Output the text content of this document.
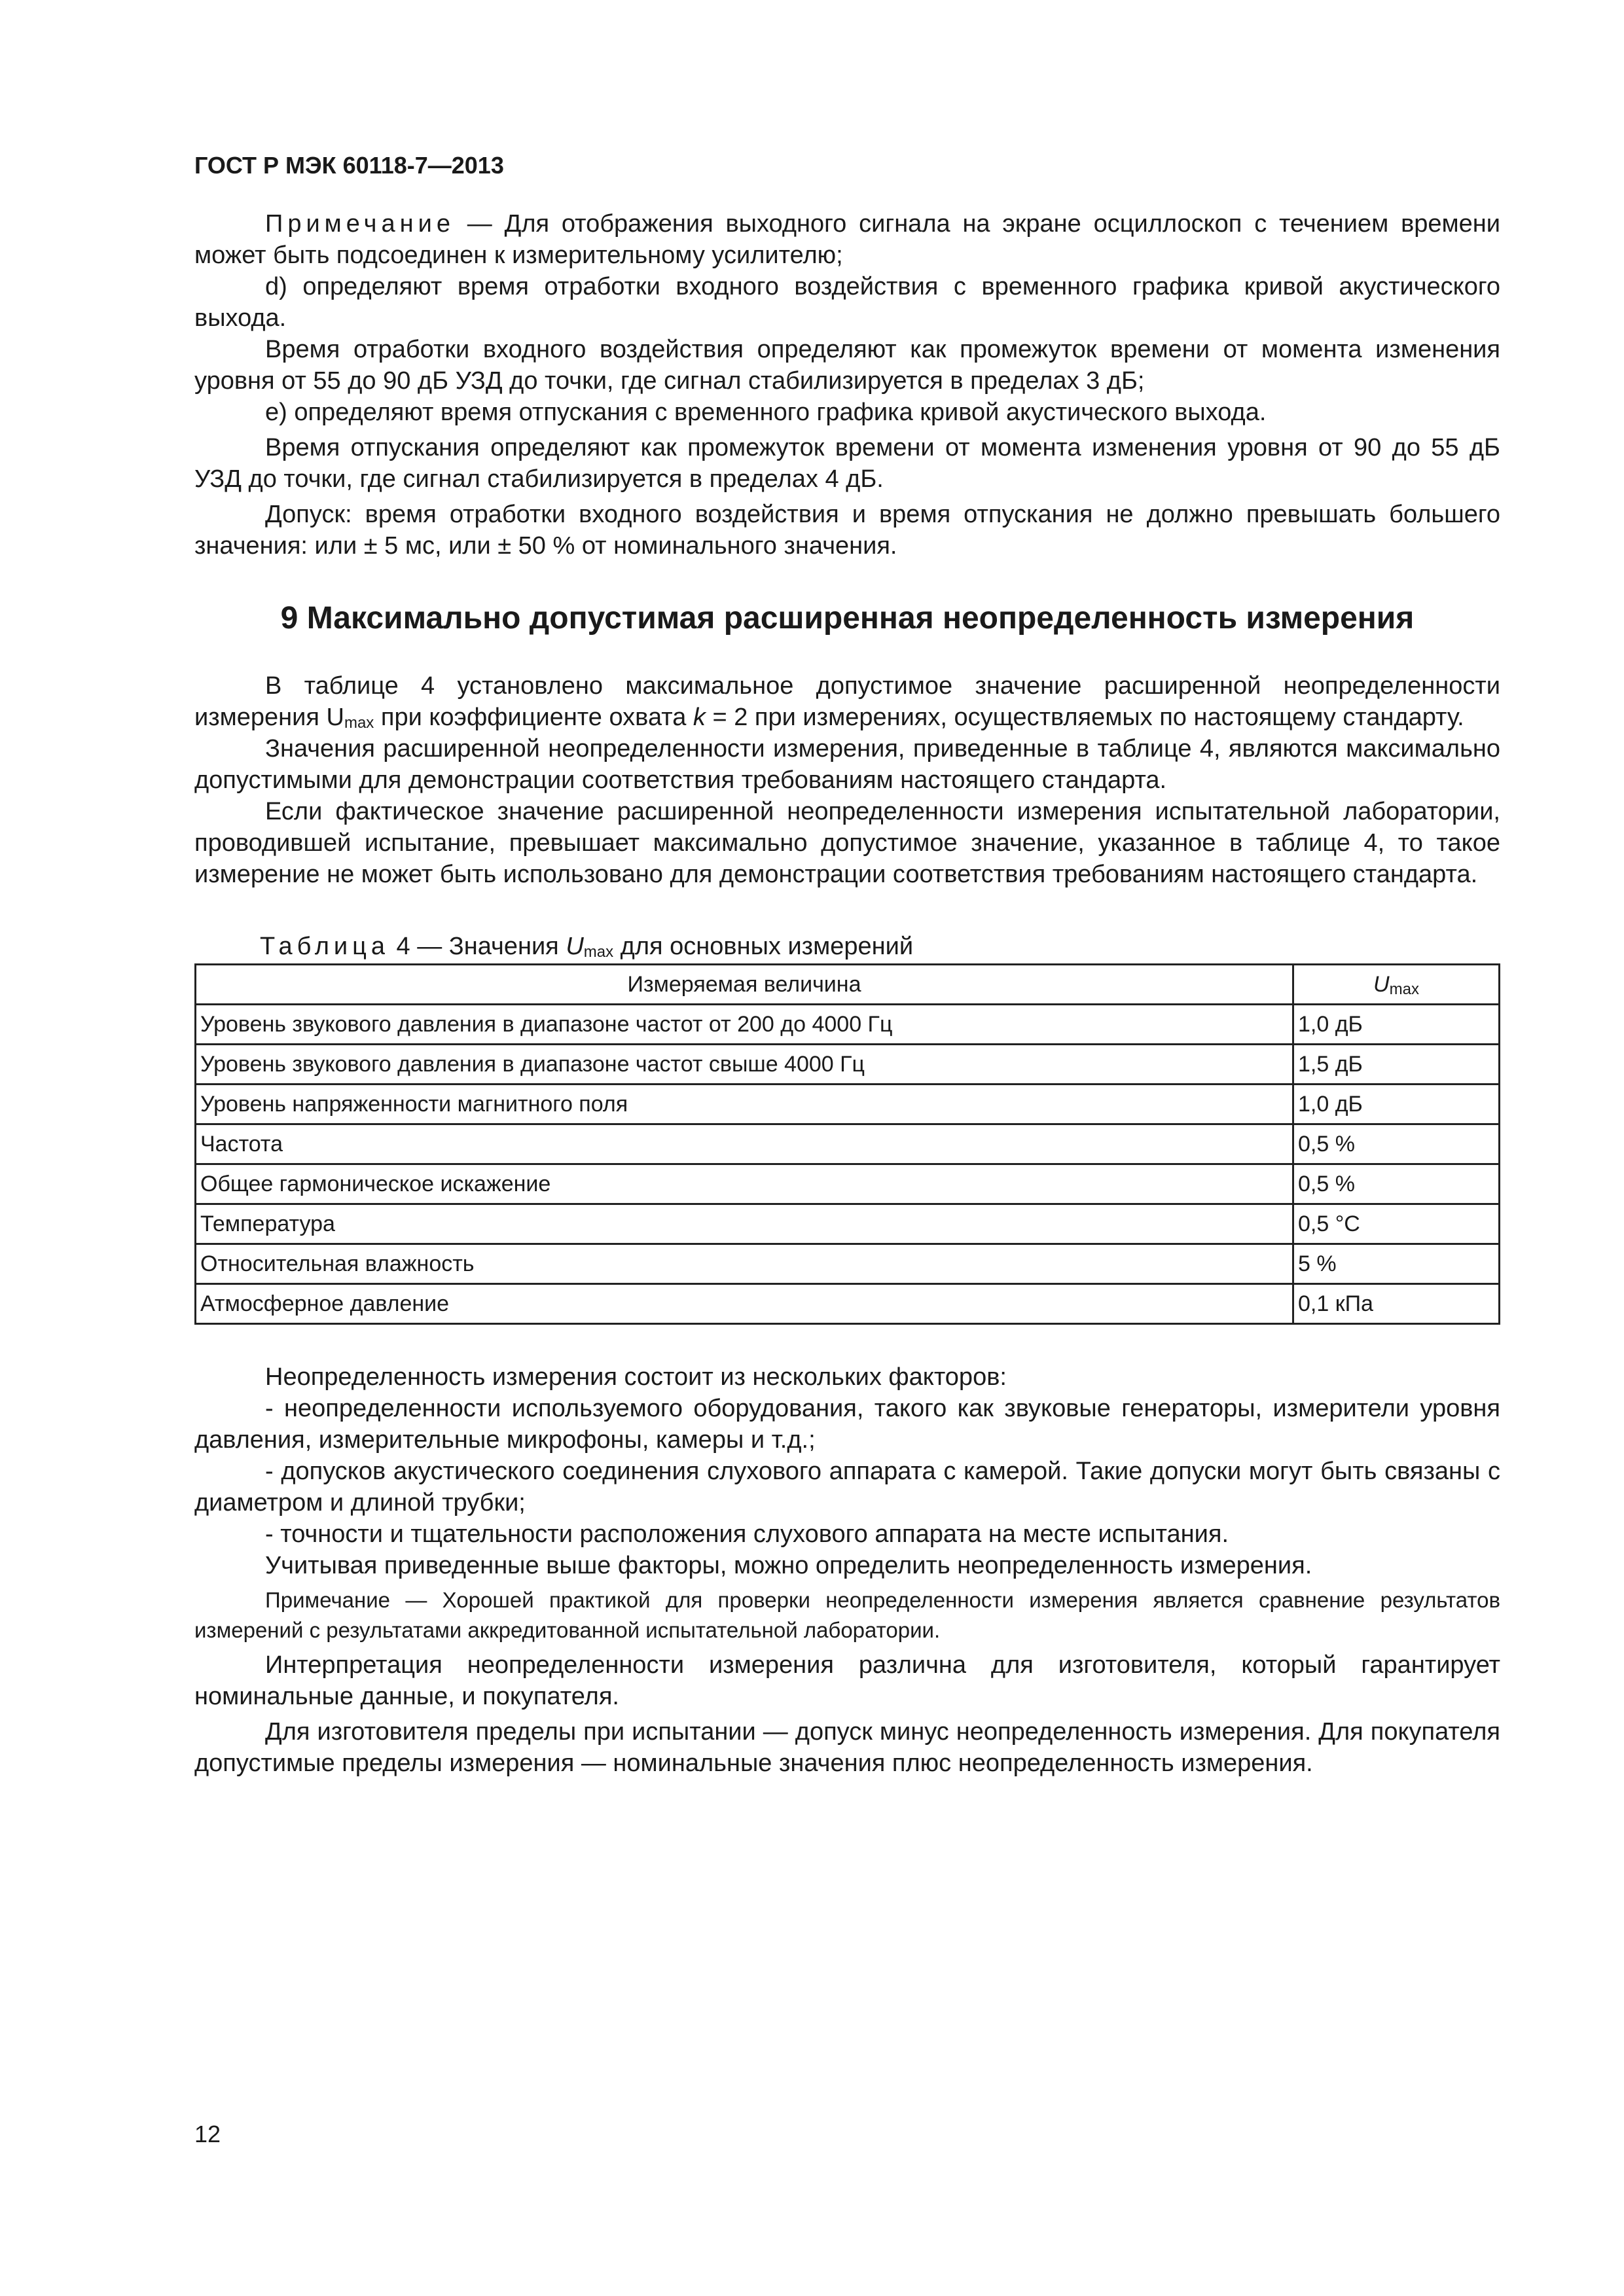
ГОСТ Р МЭК 60118-7—2013

Примечание — Для отображения выходного сигнала на экране осциллоскоп с течением времени может быть подсоединен к измерительному усилителю;

d) определяют время отработки входного воздействия с временного графика кривой акустического выхода.

Время отработки входного воздействия определяют как промежуток времени от момента изменения уровня от 55 до 90 дБ УЗД до точки, где сигнал стабилизируется в пределах 3 дБ;

e) определяют время отпускания с временного графика кривой акустического выхода.

Время отпускания определяют как промежуток времени от момента изменения уровня от 90 до 55 дБ УЗД до точки, где сигнал стабилизируется в пределах 4 дБ.

Допуск: время отработки входного воздействия и время отпускания не должно превышать большего значения: или ± 5 мс, или ± 50 % от номинального значения.

9 Максимально допустимая расширенная неопределенность измерения

В таблице 4 установлено максимальное допустимое значение расширенной неопределенности измерения $U_{max}$ при коэффициенте охвата k = 2 при измерениях, осуществляемых по настоящему стандарту.

Значения расширенной неопределенности измерения, приведенные в таблице 4, являются максимально допустимыми для демонстрации соответствия требованиям настоящего стандарта.

Если фактическое значение расширенной неопределенности измерения испытательной лаборатории, проводившей испытание, превышает максимально допустимое значение, указанное в таблице 4, то такое измерение не может быть использовано для демонстрации соответствия требованиям настоящего стандарта.

Таблица 4 — Значения $U_{max}$ для основных измерений
Измеряемая величина	$U_{max}$
Уровень звукового давления в диапазоне частот от 200 до 4000 Гц	1,0 дБ
Уровень звукового давления в диапазоне частот свыше 4000 Гц	1,5 дБ
Уровень напряженности магнитного поля	1,0 дБ
Частота	0,5 %
Общее гармоническое искажение	0,5 %
Температура	0,5 °С
Относительная влажность	5 %
Атмосферное давление	0,1 кПа

Неопределенность измерения состоит из нескольких факторов:

- неопределенности используемого оборудования, такого как звуковые генераторы, измерители уровня давления, измерительные микрофоны, камеры и т.д.;

- допусков акустического соединения слухового аппарата с камерой. Такие допуски могут быть связаны с диаметром и длиной трубки;

- точности и тщательности расположения слухового аппарата на месте испытания.

Учитывая приведенные выше факторы, можно определить неопределенность измерения.

Примечание — Хорошей практикой для проверки неопределенности измерения является сравнение результатов измерений с результатами аккредитованной испытательной лаборатории.

Интерпретация неопределенности измерения различна для изготовителя, который гарантирует номинальные данные, и покупателя.

Для изготовителя пределы при испытании — допуск минус неопределенность измерения. Для покупателя допустимые пределы измерения — номинальные значения плюс неопределенность измерения.

12
